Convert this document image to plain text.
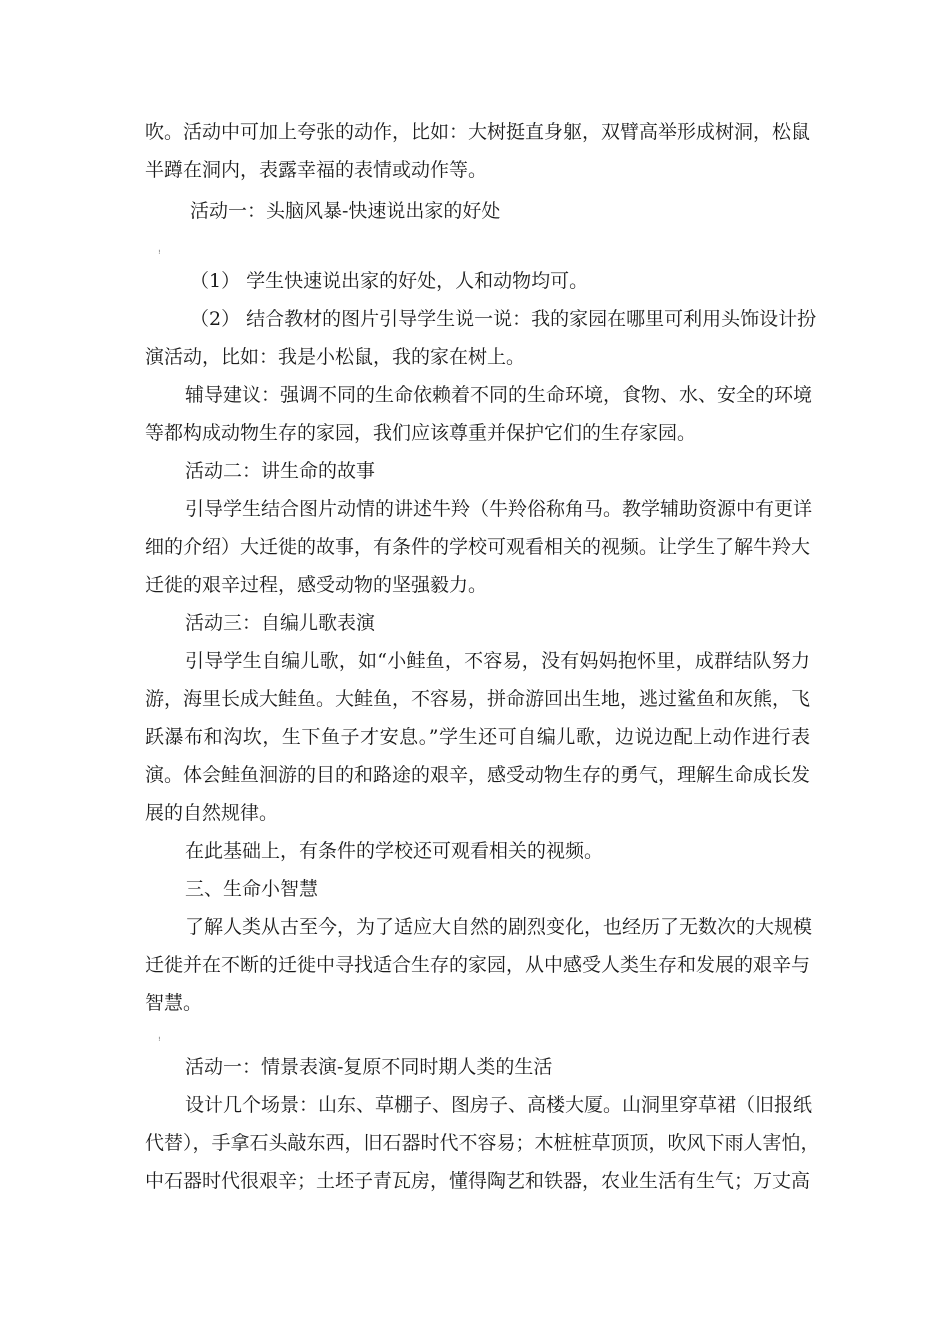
吹。活动中可加上夸张的动作，比如：大树挺直身躯，双臂高举形成树洞，松鼠
半蹲在洞内，表露幸福的表情或动作等。
活动一：头脑风暴-快速说出家的好处
ꜝ
（1） 学生快速说出家的好处，人和动物均可。
（2） 结合教材的图片引导学生说一说：我的家园在哪里可利用头饰设计扮
演活动，比如：我是小松鼠，我的家在树上。
辅导建议：强调不同的生命依赖着不同的生命环境，食物、水、安全的环境
等都构成动物生存的家园，我们应该尊重并保护它们的生存家园。
活动二：讲生命的故事
引导学生结合图片动情的讲述牛羚（牛羚俗称角马。教学辅助资源中有更详
细的介绍）大迁徙的故事，有条件的学校可观看相关的视频。让学生了解牛羚大
迁徙的艰辛过程，感受动物的坚强毅力。
活动三：自编儿歌表演
引导学生自编儿歌，如“小鲑鱼，不容易，没有妈妈抱怀里，成群结队努力
游，海里长成大鲑鱼。大鲑鱼，不容易，拼命游回出生地，逃过鲨鱼和灰熊，飞
跃瀑布和沟坎，生下鱼子才安息。”学生还可自编儿歌，边说边配上动作进行表
演。体会鲑鱼洄游的目的和路途的艰辛，感受动物生存的勇气，理解生命成长发
展的自然规律。
在此基础上，有条件的学校还可观看相关的视频。
三、生命小智慧
了解人类从古至今，为了适应大自然的剧烈变化，也经历了无数次的大规模
迁徙并在不断的迁徙中寻找适合生存的家园，从中感受人类生存和发展的艰辛与
智慧。
ꜝ
活动一：情景表演-复原不同时期人类的生活
设计几个场景：山东、草棚子、图房子、高楼大厦。山洞里穿草裙（旧报纸
代替），手拿石头敲东西，旧石器时代不容易；木桩桩草顶顶，吹风下雨人害怕，
中石器时代很艰辛；土坯子青瓦房，懂得陶艺和铁器，农业生活有生气；万丈高
